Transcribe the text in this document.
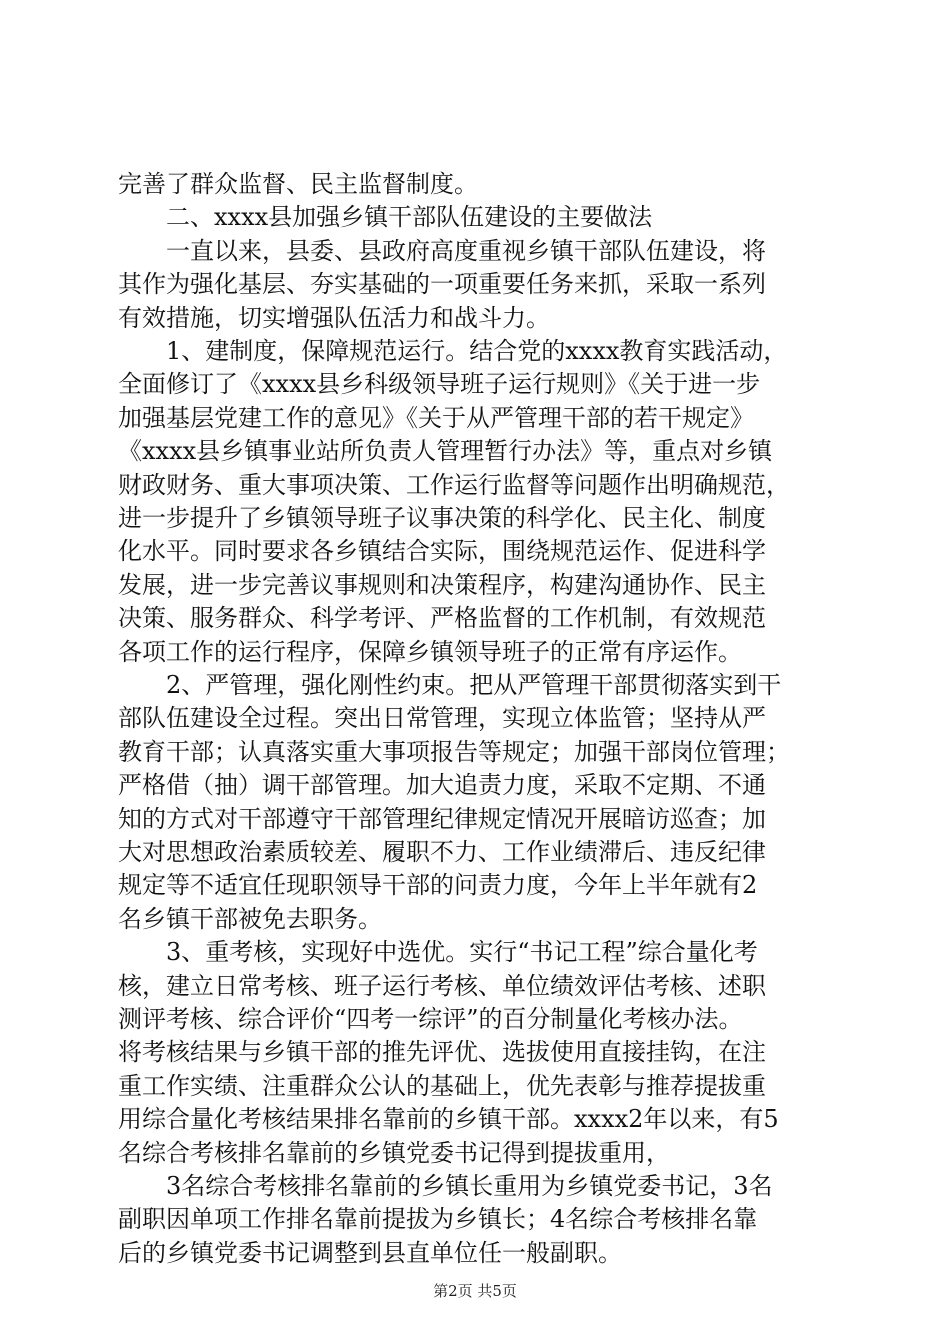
完善了群众监督、民主监督制度。
　　二、xxxx县加强乡镇干部队伍建设的主要做法
　　一直以来，县委、县政府高度重视乡镇干部队伍建设，将
其作为强化基层、夯实基础的一项重要任务来抓，采取一系列
有效措施，切实增强队伍活力和战斗力。
　　1、建制度，保障规范运行。结合党的xxxx教育实践活动，
全面修订了《xxxx县乡科级领导班子运行规则》《关于进一步
加强基层党建工作的意见》《关于从严管理干部的若干规定》
《xxxx县乡镇事业站所负责人管理暂行办法》等，重点对乡镇
财政财务、重大事项决策、工作运行监督等问题作出明确规范，
进一步提升了乡镇领导班子议事决策的科学化、民主化、制度
化水平。同时要求各乡镇结合实际，围绕规范运作、促进科学
发展，进一步完善议事规则和决策程序，构建沟通协作、民主
决策、服务群众、科学考评、严格监督的工作机制，有效规范
各项工作的运行程序，保障乡镇领导班子的正常有序运作。
　　2、严管理，强化刚性约束。把从严管理干部贯彻落实到干
部队伍建设全过程。突出日常管理，实现立体监管；坚持从严
教育干部；认真落实重大事项报告等规定；加强干部岗位管理；
严格借（抽）调干部管理。加大追责力度，采取不定期、不通
知的方式对干部遵守干部管理纪律规定情况开展暗访巡查；加
大对思想政治素质较差、履职不力、工作业绩滞后、违反纪律
规定等不适宜任现职领导干部的问责力度，今年上半年就有2
名乡镇干部被免去职务。
　　3、重考核，实现好中选优。实行“书记工程”综合量化考
核，建立日常考核、班子运行考核、单位绩效评估考核、述职
测评考核、综合评价“四考一综评”的百分制量化考核办法。
将考核结果与乡镇干部的推先评优、选拔使用直接挂钩，在注
重工作实绩、注重群众公认的基础上，优先表彰与推荐提拔重
用综合量化考核结果排名靠前的乡镇干部。xxxx2年以来，有5
名综合考核排名靠前的乡镇党委书记得到提拔重用，
　　3名综合考核排名靠前的乡镇长重用为乡镇党委书记，3名
副职因单项工作排名靠前提拔为乡镇长；4名综合考核排名靠
后的乡镇党委书记调整到县直单位任一般副职。
第2页 共5页
